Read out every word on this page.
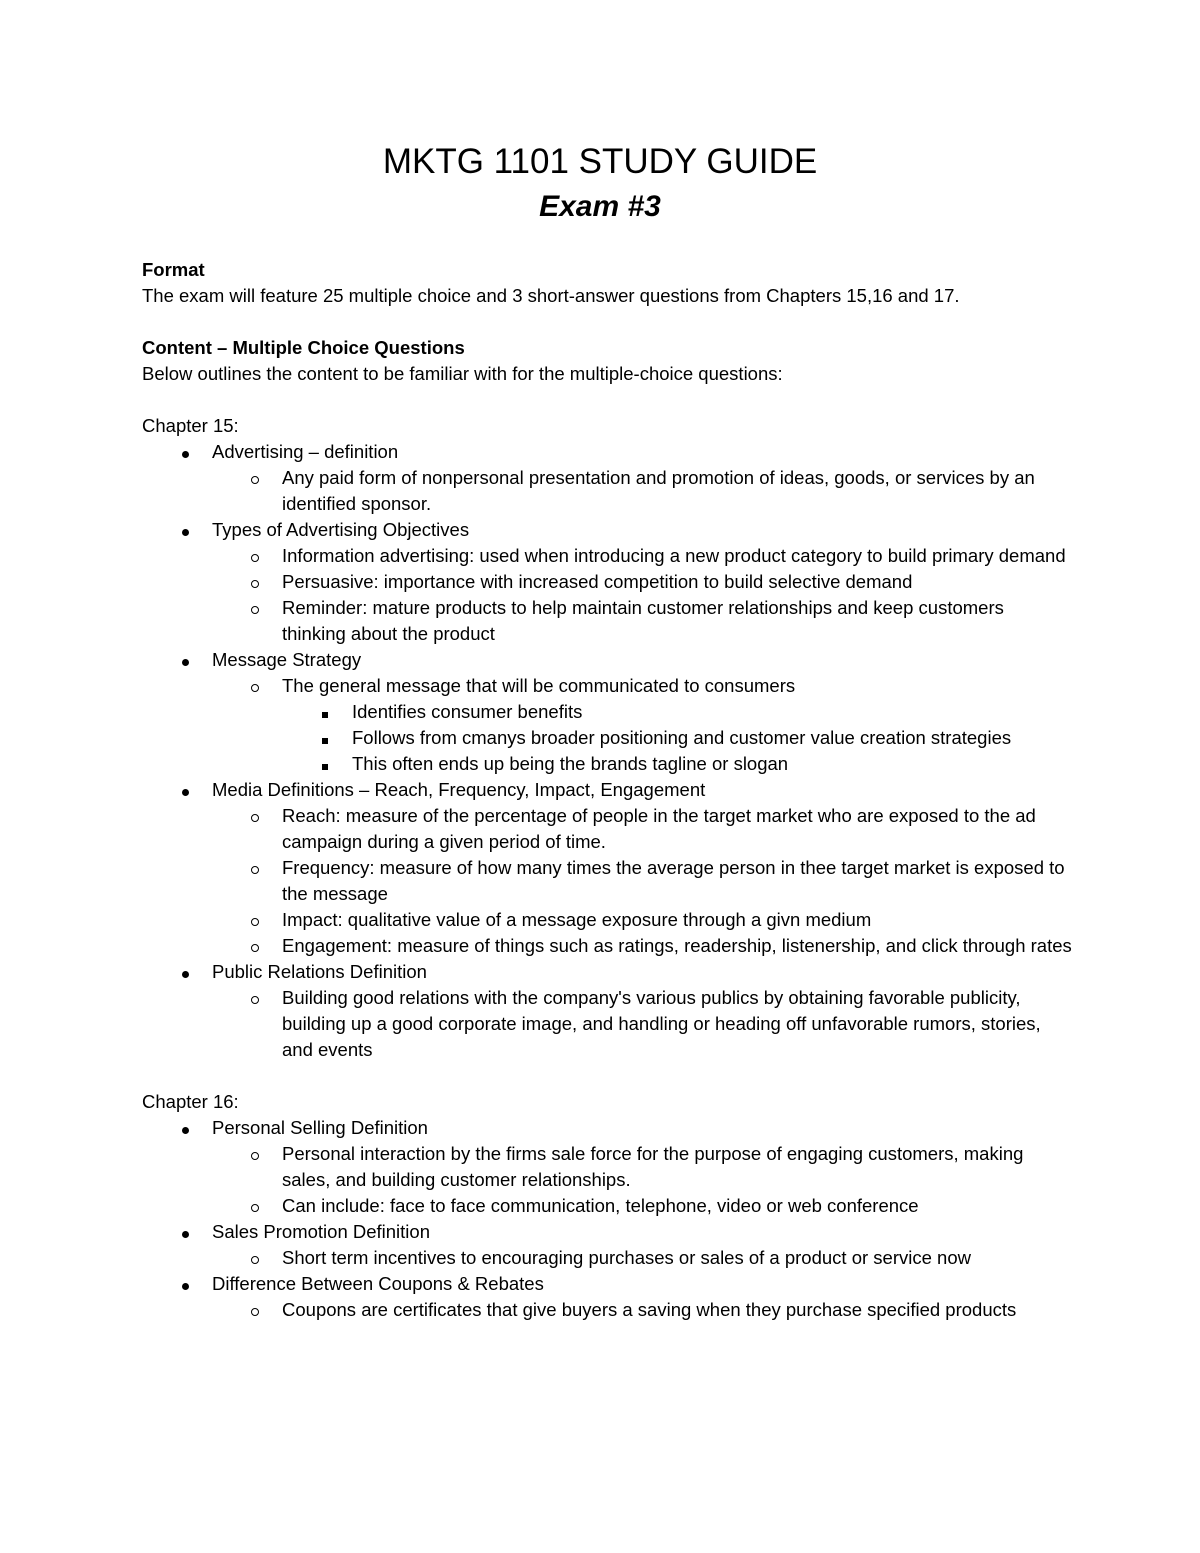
MKTG 1101 STUDY GUIDE
Exam #3

Format

The exam will feature 25 multiple choice and 3 short-answer questions from Chapters 15,16 and 17.

Content – Multiple Choice Questions

Below outlines the content to be familiar with for the multiple-choice questions:

Chapter 15:

Advertising – definition
Any paid form of nonpersonal presentation and promotion of ideas, goods, or services by an identified sponsor.
Types of Advertising Objectives
Information advertising: used when introducing a new product category to build primary demand
Persuasive: importance with increased competition to build selective demand
Reminder: mature products to help maintain customer relationships and keep customers thinking about the product
Message Strategy
The general message that will be communicated to consumers
Identifies consumer benefits
Follows from cmanys broader positioning and customer value creation strategies
This often ends up being the brands tagline or slogan
Media Definitions – Reach, Frequency, Impact, Engagement
Reach: measure of the percentage of people in the target market who are exposed to the ad campaign during a given period of time.
Frequency: measure of how many times the average person in thee target market is exposed to the message
Impact: qualitative value of a message exposure through a givn medium
Engagement: measure of things such as ratings, readership, listenership, and click through rates
Public Relations Definition
Building good relations with the company's various publics by obtaining favorable publicity, building up a good corporate image, and handling or heading off unfavorable rumors, stories, and events

Chapter 16:

Personal Selling Definition
Personal interaction by the firms sale force for the purpose of engaging customers, making sales, and building customer relationships.
Can include: face to face communication, telephone, video or web conference
Sales Promotion Definition
Short term incentives to encouraging purchases or sales of a product or service now
Difference Between Coupons & Rebates
Coupons are certificates that give buyers a saving when they purchase specified products
